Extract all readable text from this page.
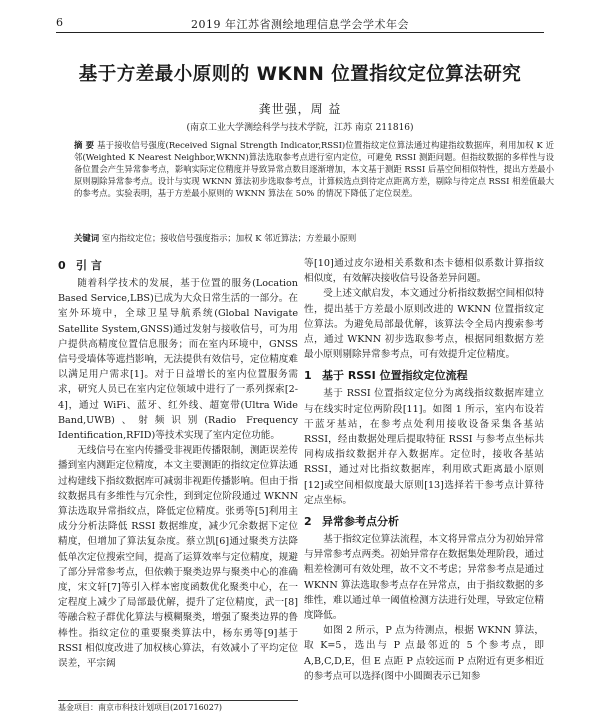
6	2019 年江苏省测绘地理信息学会学术年会
基于方差最小原则的 WKNN 位置指纹定位算法研究
龚世强，周 益
(南京工业大学测绘科学与技术学院，江苏 南京 211816)
摘 要 基于接收信号强度(Received Signal Strength Indicator,RSSI)位置指纹定位算法通过构建指纹数据库，利用加权 K 近邻(Weighted K Nearest Neighbor,WKNN)算法选取参考点进行室内定位，可避免 RSSI 测距问题。但指纹数据的多样性与设备位置会产生异常参考点，影响实际定位精度并导致异常点数目逐渐增加，本文基于测距 RSSI 后基空间相似特性，提出方差最小原则剔除异常参考点。设计与实现 WKNN 算法初步选取参考点，计算候选点到待定点距离方差，剔除与待定点 RSSI 相差值最大的参考点。实验表明，基于方差最小原则的 WKNN 算法在 50% 的情况下降低了定位误差。
关键词 室内指纹定位；接收信号强度指示；加权 K 邻近算法；方差最小原则
0 引 言

随着科学技术的发展，基于位置的服务(Location Based Service,LBS)已成为大众日常生活的一部分。在室外环境中，全球卫星导航系统(Global Navigate Satellite System,GNSS)通过发射与接收信号，可为用户提供高精度位置信息服务；而在室内环境中，GNSS 信号受墙体等遮挡影响，无法提供有效信号，定位精度难以满足用户需求[1]。对于日益增长的室内位置服务需求，研究人员已在室内定位领域中进行了一系列探索[2-4]，通过 WiFi、蓝牙、红外线、超宽带(Ultra Wide Band,UWB)、射频识别(Radio Frequency Identification,RFID)等技术实现了室内定位功能。

无线信号在室内传播受非视距传播限制，测距误差传播到室内测距定位精度，本文主要测距的指纹定位算法通过构建线下指纹数据库可减弱非视距传播影响。但由于指纹数据具有多维性与冗余性，到到定位阶段通过 WKNN 算法选取异常指纹点，降低定位精度。张勇等[5]利用主成分分析法降低 RSSI 数据维度，减少冗余数据下定位精度，但增加了算法复杂度。蔡立凯[6]通过聚类方法降低单次定位搜索空间，提高了运算效率与定位精度，规避了部分异常参考点，但依赖于聚类边界与聚类中心的准确度，宋文轩[7]等引入样本密度函数优化聚类中心，在一定程度上减少了局部最优解，提升了定位精度，武一[8]等融合粒子群优化算法与模糊聚类，增强了聚类边界的鲁棒性。指纹定位的重要聚类算法中，杨东勇等[9]基于 RSSI 相似度改进了加权核心算法，有效减小了平均定位误差，平宗阔

基金项目：南京市科技计划项目(201716027)

等[10]通过皮尔逊相关系数和杰卡德相似系数计算指纹相似度，有效解决接收信号设备差异问题。

受上述文献启发，本文通过分析指纹数据空间相似特性，提出基于方差最小原则改进的 WKNN 位置指纹定位算法。为避免局部最优解，该算法令全局内搜索参考点，通过 WKNN 初步选取参考点，根据同组数据方差最小原则剔除异常参考点，可有效提升定位精度。

1 基于 RSSI 位置指纹定位流程

基于 RSSI 位置指纹定位分为离线指纹数据库建立与在线实时定位两阶段[11]。如图 1 所示，室内布设若干蓝牙基站，在参考点处利用接收设备采集各基站 RSSI，经由数据处理后提取特征 RSSI 与参考点坐标共同构成指纹数据并存入数据库。定位时，接收各基站 RSSI，通过对比指纹数据库，利用欧式距离最小原则[12]或空间相似度最大原则[13]选择若干参考点计算待定点坐标。

2 异常参考点分析

基于指纹定位算法流程，本文将异常点分为初始异常与异常参考点两类。初始异常存在数据集处理阶段，通过粗差检测可有效处理，故不文不考虑；异常参考点是通过 WKNN 算法选取参考点存在异常点，由于指纹数据的多维性，难以通过单一阈值检测方法进行处理，导致定位精度降低。

如图 2 所示，P 点为待测点，根据 WKNN 算法，取 K=5，选出与 P 点最邻近的 5 个参考点，即 A,B,C,D,E，但 E 点距 P 点较远而 P 点附近有更多相近的参考点可以选择(图中小圆圈表示已知参
